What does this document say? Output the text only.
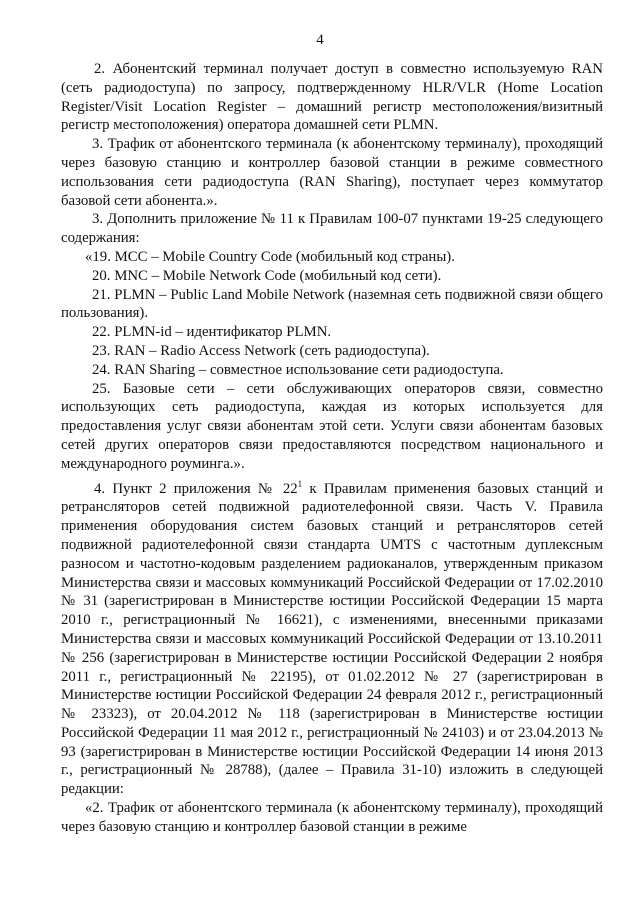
4

2. Абонентский терминал получает доступ в совместно используемую RAN (сеть радиодоступа) по запросу, подтвержденному HLR/VLR (Home Location Register/Visit Location Register – домашний регистр местоположения/визитный регистр местоположения) оператора домашней сети PLMN.

3. Трафик от абонентского терминала (к абонентскому терминалу), проходящий через базовую станцию и контроллер базовой станции в режиме совместного использования сети радиодоступа (RAN Sharing), поступает через коммутатор базовой сети абонента.».

3. Дополнить приложение № 11 к Правилам 100-07 пунктами 19-25 следующего содержания:

«19. MCC – Mobile Country Code (мобильный код страны).

20. MNC – Mobile Network Code (мобильный код сети).

21. PLMN – Public Land Mobile Network (наземная сеть подвижной связи общего пользования).

22. PLMN-id – идентификатор PLMN.

23. RAN – Radio Access Network (сеть радиодоступа).

24. RAN Sharing – совместное использование сети радиодоступа.

25. Базовые сети – сети обслуживающих операторов связи, совместно использующих сеть радиодоступа, каждая из которых используется для предоставления услуг связи абонентам этой сети. Услуги связи абонентам базовых сетей других операторов связи предоставляются посредством национального и международного роуминга.».

4. Пункт 2 приложения № $22^1$ к Правилам применения базовых станций и ретрансляторов сетей подвижной радиотелефонной связи. Часть V. Правила применения оборудования систем базовых станций и ретрансляторов сетей подвижной радиотелефонной связи стандарта UMTS с частотным дуплексным разносом и частотно-кодовым разделением радиоканалов, утвержденным приказом Министерства связи и массовых коммуникаций Российской Федерации от 17.02.2010 № 31 (зарегистрирован в Министерстве юстиции Российской Федерации 15 марта 2010 г., регистрационный № 16621), с изменениями, внесенными приказами Министерства связи и массовых коммуникаций Российской Федерации от 13.10.2011 № 256 (зарегистрирован в Министерстве юстиции Российской Федерации 2 ноября 2011 г., регистрационный № 22195), от 01.02.2012 № 27 (зарегистрирован в Министерстве юстиции Российской Федерации 24 февраля 2012 г., регистрационный № 23323), от 20.04.2012 № 118 (зарегистрирован в Министерстве юстиции Российской Федерации 11 мая 2012 г., регистрационный № 24103) и от 23.04.2013 № 93 (зарегистрирован в Министерстве юстиции Российской Федерации 14 июня 2013 г., регистрационный № 28788), (далее – Правила 31-10) изложить в следующей редакции:

«2. Трафик от абонентского терминала (к абонентскому терминалу), проходящий через базовую станцию и контроллер базовой станции в режиме
